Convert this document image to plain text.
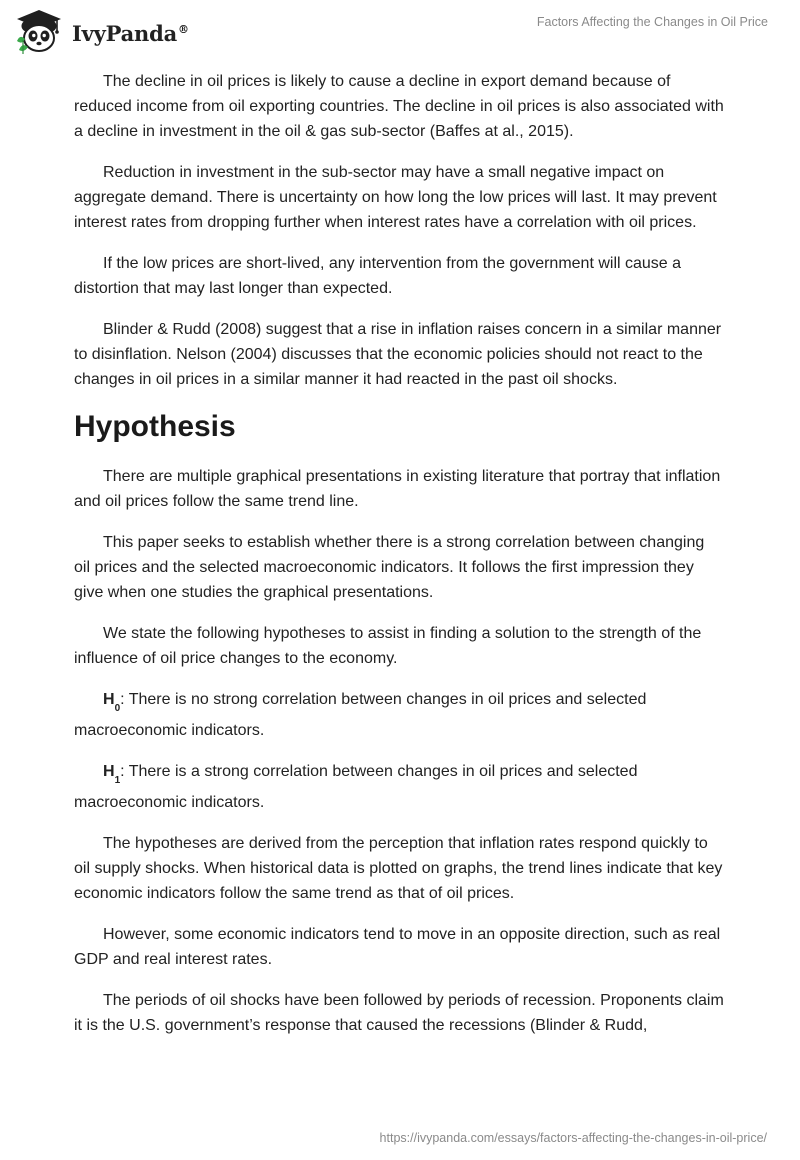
IvyPanda®	Factors Affecting the Changes in Oil Price

The decline in oil prices is likely to cause a decline in export demand because of reduced income from oil exporting countries. The decline in oil prices is also associated with a decline in investment in the oil & gas sub-sector (Baffes at al., 2015).

Reduction in investment in the sub-sector may have a small negative impact on aggregate demand. There is uncertainty on how long the low prices will last. It may prevent interest rates from dropping further when interest rates have a correlation with oil prices.

If the low prices are short-lived, any intervention from the government will cause a distortion that may last longer than expected.

Blinder & Rudd (2008) suggest that a rise in inflation raises concern in a similar manner to disinflation. Nelson (2004) discusses that the economic policies should not react to the changes in oil prices in a similar manner it had reacted in the past oil shocks.

Hypothesis

There are multiple graphical presentations in existing literature that portray that inflation and oil prices follow the same trend line.

This paper seeks to establish whether there is a strong correlation between changing oil prices and the selected macroeconomic indicators. It follows the first impression they give when one studies the graphical presentations.

We state the following hypotheses to assist in finding a solution to the strength of the influence of oil price changes to the economy.

$H_0$: There is no strong correlation between changes in oil prices and selected macroeconomic indicators.

$H_1$: There is a strong correlation between changes in oil prices and selected macroeconomic indicators.

The hypotheses are derived from the perception that inflation rates respond quickly to oil supply shocks. When historical data is plotted on graphs, the trend lines indicate that key economic indicators follow the same trend as that of oil prices.

However, some economic indicators tend to move in an opposite direction, such as real GDP and real interest rates.

The periods of oil shocks have been followed by periods of recession. Proponents claim it is the U.S. government’s response that caused the recessions (Blinder & Rudd,

https://ivypanda.com/essays/factors-affecting-the-changes-in-oil-price/
